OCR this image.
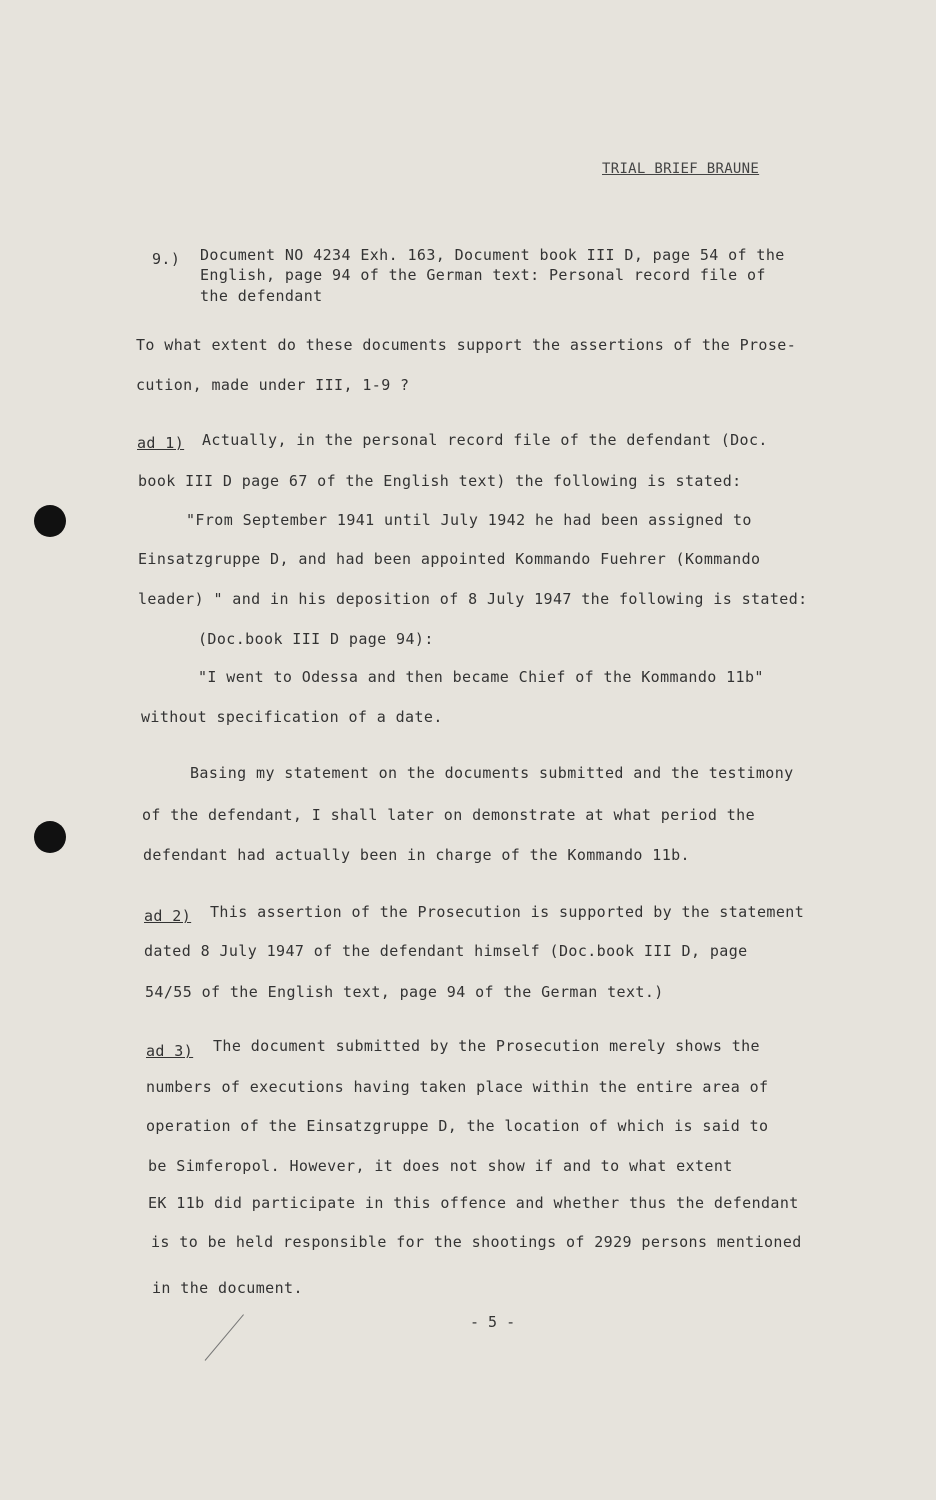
TRIAL BRIEF BRAUNE
9.) Document NO 4234 Exh. 163, Document book III D, page 54 of the
English, page 94 of the German text: Personal record file of
the defendant
To what extent do these documents support the assertions of the Prose-
cution, made under III, 1-9 ?
ad 1) Actually, in the personal record file of the defendant (Doc.
book III D page 67 of the English text) the following is stated:
"From September 1941 until July 1942 he had been assigned to
Einsatzgruppe D, and had been appointed Kommando Fuehrer (Kommando
leader) " and in his deposition of 8 July 1947 the following is stated:
(Doc.book III D page 94):
"I went to Odessa and then became Chief of the Kommando 11b"
without specification of a date.
Basing my statement on the documents submitted and the testimony
of the defendant, I shall later on demonstrate at what period the
defendant had actually been in charge of the Kommando 11b.
ad 2) This assertion of the Prosecution is supported by the statement
dated 8 July 1947 of the defendant himself (Doc.book III D, page
54/55 of the English text, page 94 of the German text.)
ad 3) The document submitted by the Prosecution merely shows the
numbers of executions having taken place within the entire area of
operation of the Einsatzgruppe D, the location of which is said to
be Simferopol. However, it does not show if and to what extent
EK 11b did participate in this offence and whether thus the defendant
is to be held responsible for the shootings of 2929 persons mentioned
in the document.
- 5 -
